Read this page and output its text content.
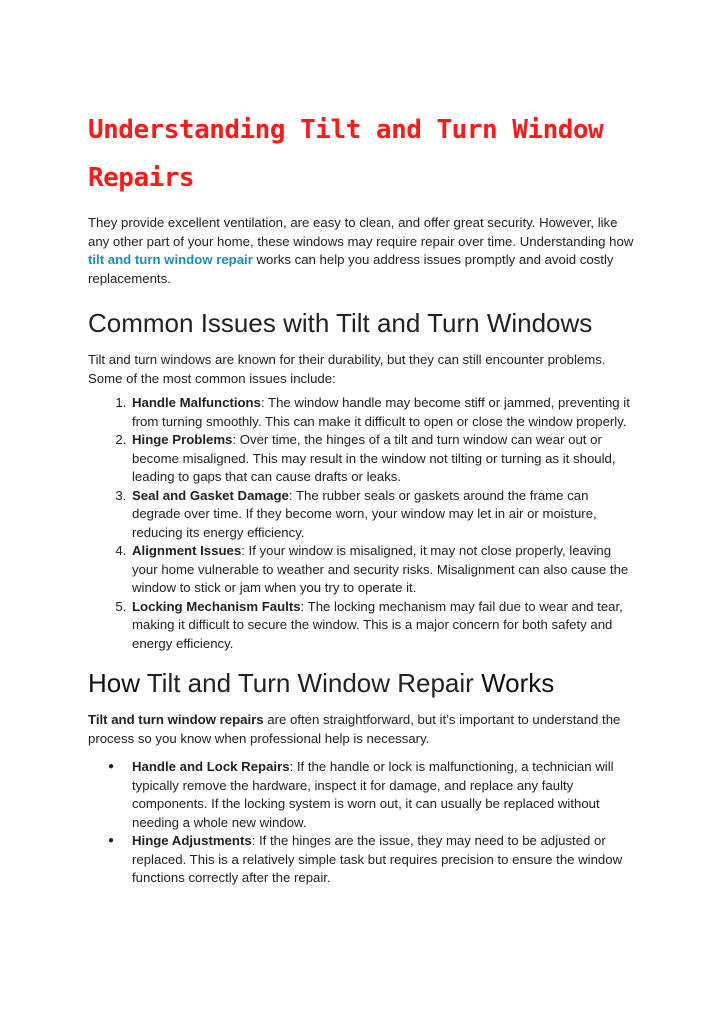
Understanding Tilt and Turn Window
Repairs

They provide excellent ventilation, are easy to clean, and offer great security. However, like any other part of your home, these windows may require repair over time. Understanding how tilt and turn window repair works can help you address issues promptly and avoid costly replacements.

Common Issues with Tilt and Turn Windows

Tilt and turn windows are known for their durability, but they can still encounter problems. Some of the most common issues include:

1. Handle Malfunctions: The window handle may become stiff or jammed, preventing it from turning smoothly. This can make it difficult to open or close the window properly.
2. Hinge Problems: Over time, the hinges of a tilt and turn window can wear out or become misaligned. This may result in the window not tilting or turning as it should, leading to gaps that can cause drafts or leaks.
3. Seal and Gasket Damage: The rubber seals or gaskets around the frame can degrade over time. If they become worn, your window may let in air or moisture, reducing its energy efficiency.
4. Alignment Issues: If your window is misaligned, it may not close properly, leaving your home vulnerable to weather and security risks. Misalignment can also cause the window to stick or jam when you try to operate it.
5. Locking Mechanism Faults: The locking mechanism may fail due to wear and tear, making it difficult to secure the window. This is a major concern for both safety and energy efficiency.
How Tilt and Turn Window Repair Works

Tilt and turn window repairs are often straightforward, but it’s important to understand the process so you know when professional help is necessary.

● Handle and Lock Repairs: If the handle or lock is malfunctioning, a technician will typically remove the hardware, inspect it for damage, and replace any faulty components. If the locking system is worn out, it can usually be replaced without needing a whole new window.
● Hinge Adjustments: If the hinges are the issue, they may need to be adjusted or replaced. This is a relatively simple task but requires precision to ensure the window functions correctly after the repair.
